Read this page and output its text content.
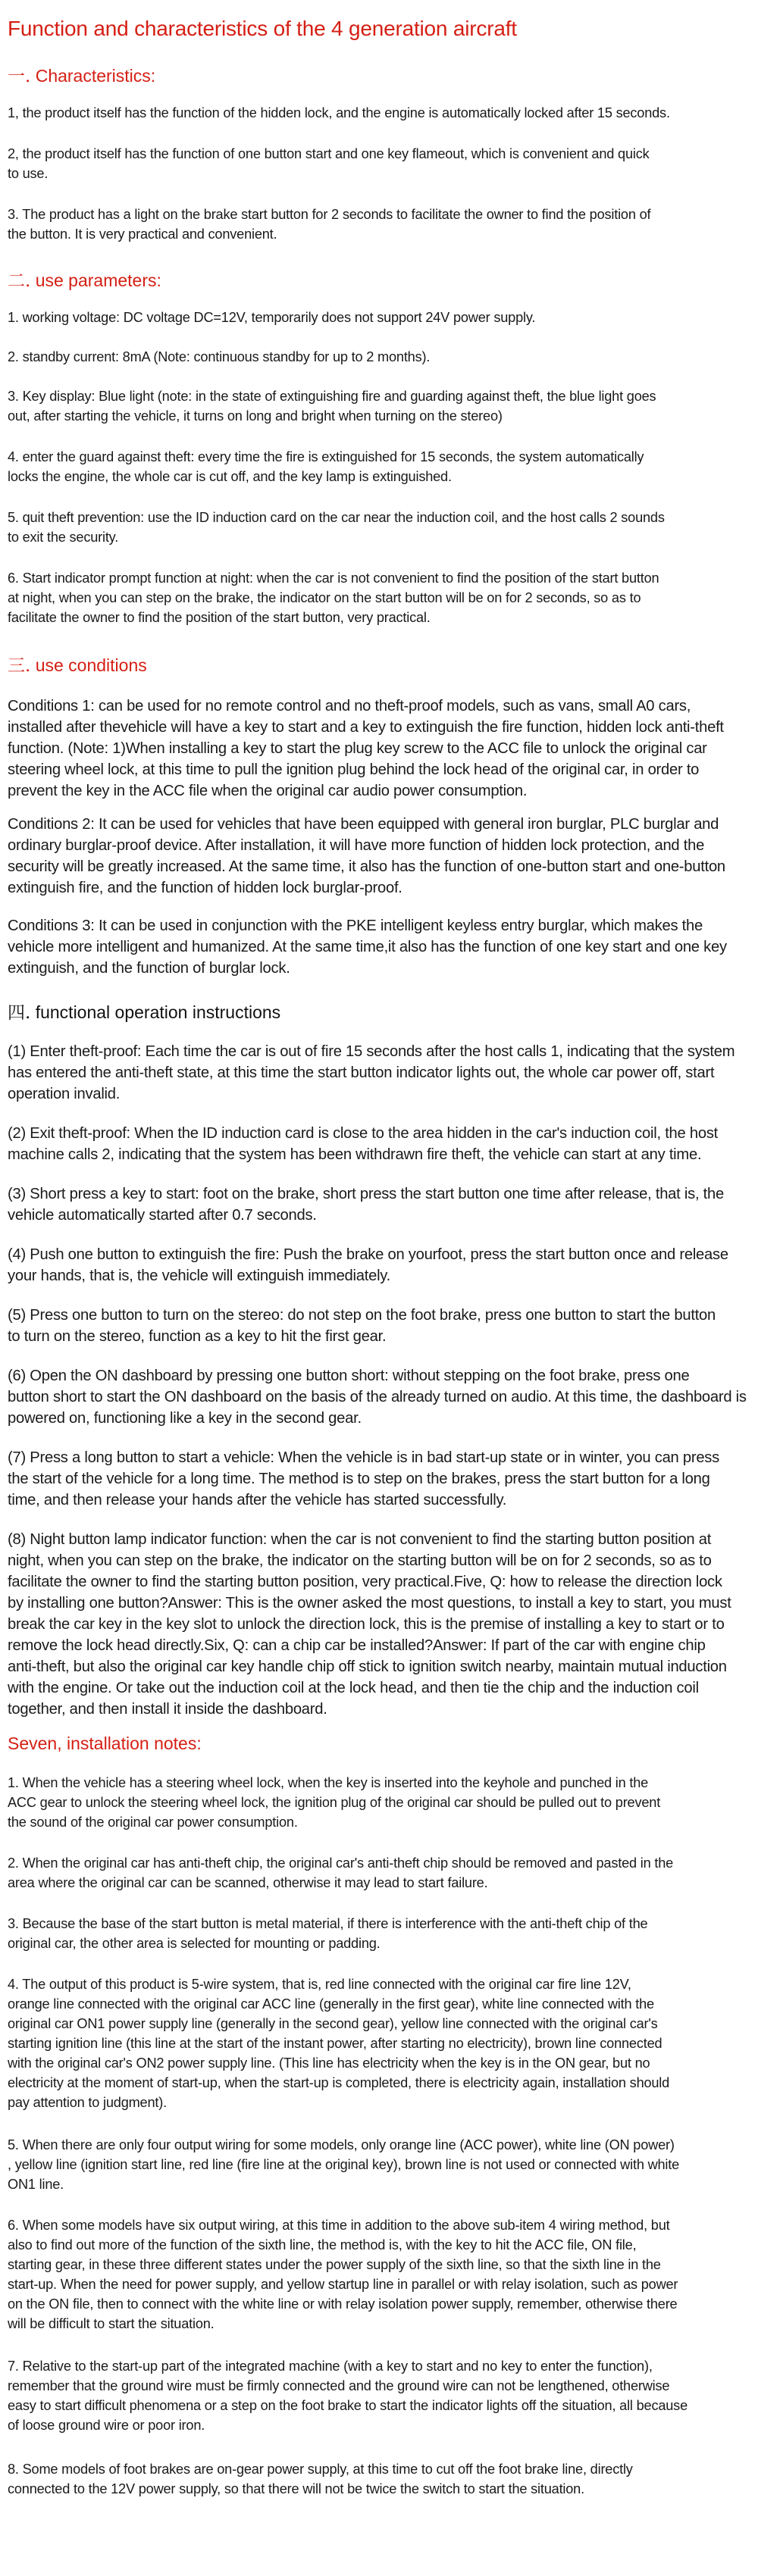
Function and characteristics of the 4 generation aircraft
一. Characteristics:

1, the product itself has the function of the hidden lock, and the engine is automatically locked after 15 seconds.

2, the product itself has the function of one button start and one key flameout, which is convenient and quick
to use.

3. The product has a light on the brake start button for 2 seconds to facilitate the owner to find the position of
the button. It is very practical and convenient.

二. use parameters:

1. working voltage: DC voltage DC=12V, temporarily does not support 24V power supply.

2. standby current: 8mA (Note: continuous standby for up to 2 months).

3. Key display: Blue light (note: in the state of extinguishing fire and guarding against theft, the blue light goes
out, after starting the vehicle, it turns on long and bright when turning on the stereo)

4. enter the guard against theft: every time the fire is extinguished for 15 seconds, the system automatically
locks the engine, the whole car is cut off, and the key lamp is extinguished.

5. quit theft prevention: use the ID induction card on the car near the induction coil, and the host calls 2 sounds
to exit the security.

6. Start indicator prompt function at night: when the car is not convenient to find the position of the start button
at night, when you can step on the brake, the indicator on the start button will be on for 2 seconds, so as to
facilitate the owner to find the position of the start button, very practical.

三. use conditions

Conditions 1: can be used for no remote control and no theft-proof models, such as vans, small A0 cars,
installed after thevehicle will have a key to start and a key to extinguish the fire function, hidden lock anti-theft
function. (Note: 1)When installing a key to start the plug key screw to the ACC file to unlock the original car
steering wheel lock, at this time to pull the ignition plug behind the lock head of the original car, in order to
prevent the key in the ACC file when the original car audio power consumption.

Conditions 2: It can be used for vehicles that have been equipped with general iron burglar, PLC burglar and
ordinary burglar-proof device. After installation, it will have more function of hidden lock protection, and the
security will be greatly increased. At the same time, it also has the function of one-button start and one-button
extinguish fire, and the function of hidden lock burglar-proof.

Conditions 3: It can be used in conjunction with the PKE intelligent keyless entry burglar, which makes the
vehicle more intelligent and humanized. At the same time,it also has the function of one key start and one key
extinguish, and the function of burglar lock.

四. functional operation instructions

(1) Enter theft-proof: Each time the car is out of fire 15 seconds after the host calls 1, indicating that the system
has entered the anti-theft state, at this time the start button indicator lights out, the whole car power off, start
operation invalid.

(2) Exit theft-proof: When the ID induction card is close to the area hidden in the car's induction coil, the host
machine calls 2, indicating that the system has been withdrawn fire theft, the vehicle can start at any time.

(3) Short press a key to start: foot on the brake, short press the start button one time after release, that is, the
vehicle automatically started after 0.7 seconds.

(4) Push one button to extinguish the fire: Push the brake on yourfoot, press the start button once and release
your hands, that is, the vehicle will extinguish immediately.

(5) Press one button to turn on the stereo: do not step on the foot brake, press one button to start the button
to turn on the stereo, function as a key to hit the first gear.

(6) Open the ON dashboard by pressing one button short: without stepping on the foot brake, press one
button short to start the ON dashboard on the basis of the already turned on audio. At this time, the dashboard is
powered on, functioning like a key in the second gear.

(7) Press a long button to start a vehicle: When the vehicle is in bad start-up state or in winter, you can press
the start of the vehicle for a long time. The method is to step on the brakes, press the start button for a long
time, and then release your hands after the vehicle has started successfully.

(8) Night button lamp indicator function: when the car is not convenient to find the starting button position at
night, when you can step on the brake, the indicator on the starting button will be on for 2 seconds, so as to
facilitate the owner to find the starting button position, very practical.Five, Q: how to release the direction lock
by installing one button?Answer: This is the owner asked the most questions, to install a key to start, you must
break the car key in the key slot to unlock the direction lock, this is the premise of installing a key to start or to
remove the lock head directly.Six, Q: can a chip car be installed?Answer: If part of the car with engine chip
anti-theft, but also the original car key handle chip off stick to ignition switch nearby, maintain mutual induction
with the engine. Or take out the induction coil at the lock head, and then tie the chip and the induction coil
together, and then install it inside the dashboard.

Seven, installation notes:

1. When the vehicle has a steering wheel lock, when the key is inserted into the keyhole and punched in the
ACC gear to unlock the steering wheel lock, the ignition plug of the original car should be pulled out to prevent
the sound of the original car power consumption.

2. When the original car has anti-theft chip, the original car's anti-theft chip should be removed and pasted in the
area where the original car can be scanned, otherwise it may lead to start failure.

3. Because the base of the start button is metal material, if there is interference with the anti-theft chip of the
original car, the other area is selected for mounting or padding.

4. The output of this product is 5-wire system, that is, red line connected with the original car fire line 12V,
orange line connected with the original car ACC line (generally in the first gear), white line connected with the
original car ON1 power supply line (generally in the second gear), yellow line connected with the original car's
starting ignition line (this line at the start of the instant power, after starting no electricity), brown line connected
with the original car's ON2 power supply line. (This line has electricity when the key is in the ON gear, but no
electricity at the moment of start-up, when the start-up is completed, there is electricity again, installation should
pay attention to judgment).

5. When there are only four output wiring for some models, only orange line (ACC power), white line (ON power)
, yellow line (ignition start line, red line (fire line at the original key), brown line is not used or connected with white
ON1 line.

6. When some models have six output wiring, at this time in addition to the above sub-item 4 wiring method, but
also to find out more of the function of the sixth line, the method is, with the key to hit the ACC file, ON file,
starting gear, in these three different states under the power supply of the sixth line, so that the sixth line in the
start-up. When the need for power supply, and yellow startup line in parallel or with relay isolation, such as power
on the ON file, then to connect with the white line or with relay isolation power supply, remember, otherwise there
will be difficult to start the situation.

7. Relative to the start-up part of the integrated machine (with a key to start and no key to enter the function),
remember that the ground wire must be firmly connected and the ground wire can not be lengthened, otherwise
easy to start difficult phenomena or a step on the foot brake to start the indicator lights off the situation, all because
of loose ground wire or poor iron.

8. Some models of foot brakes are on-gear power supply, at this time to cut off the foot brake line, directly
connected to the 12V power supply, so that there will not be twice the switch to start the situation.
